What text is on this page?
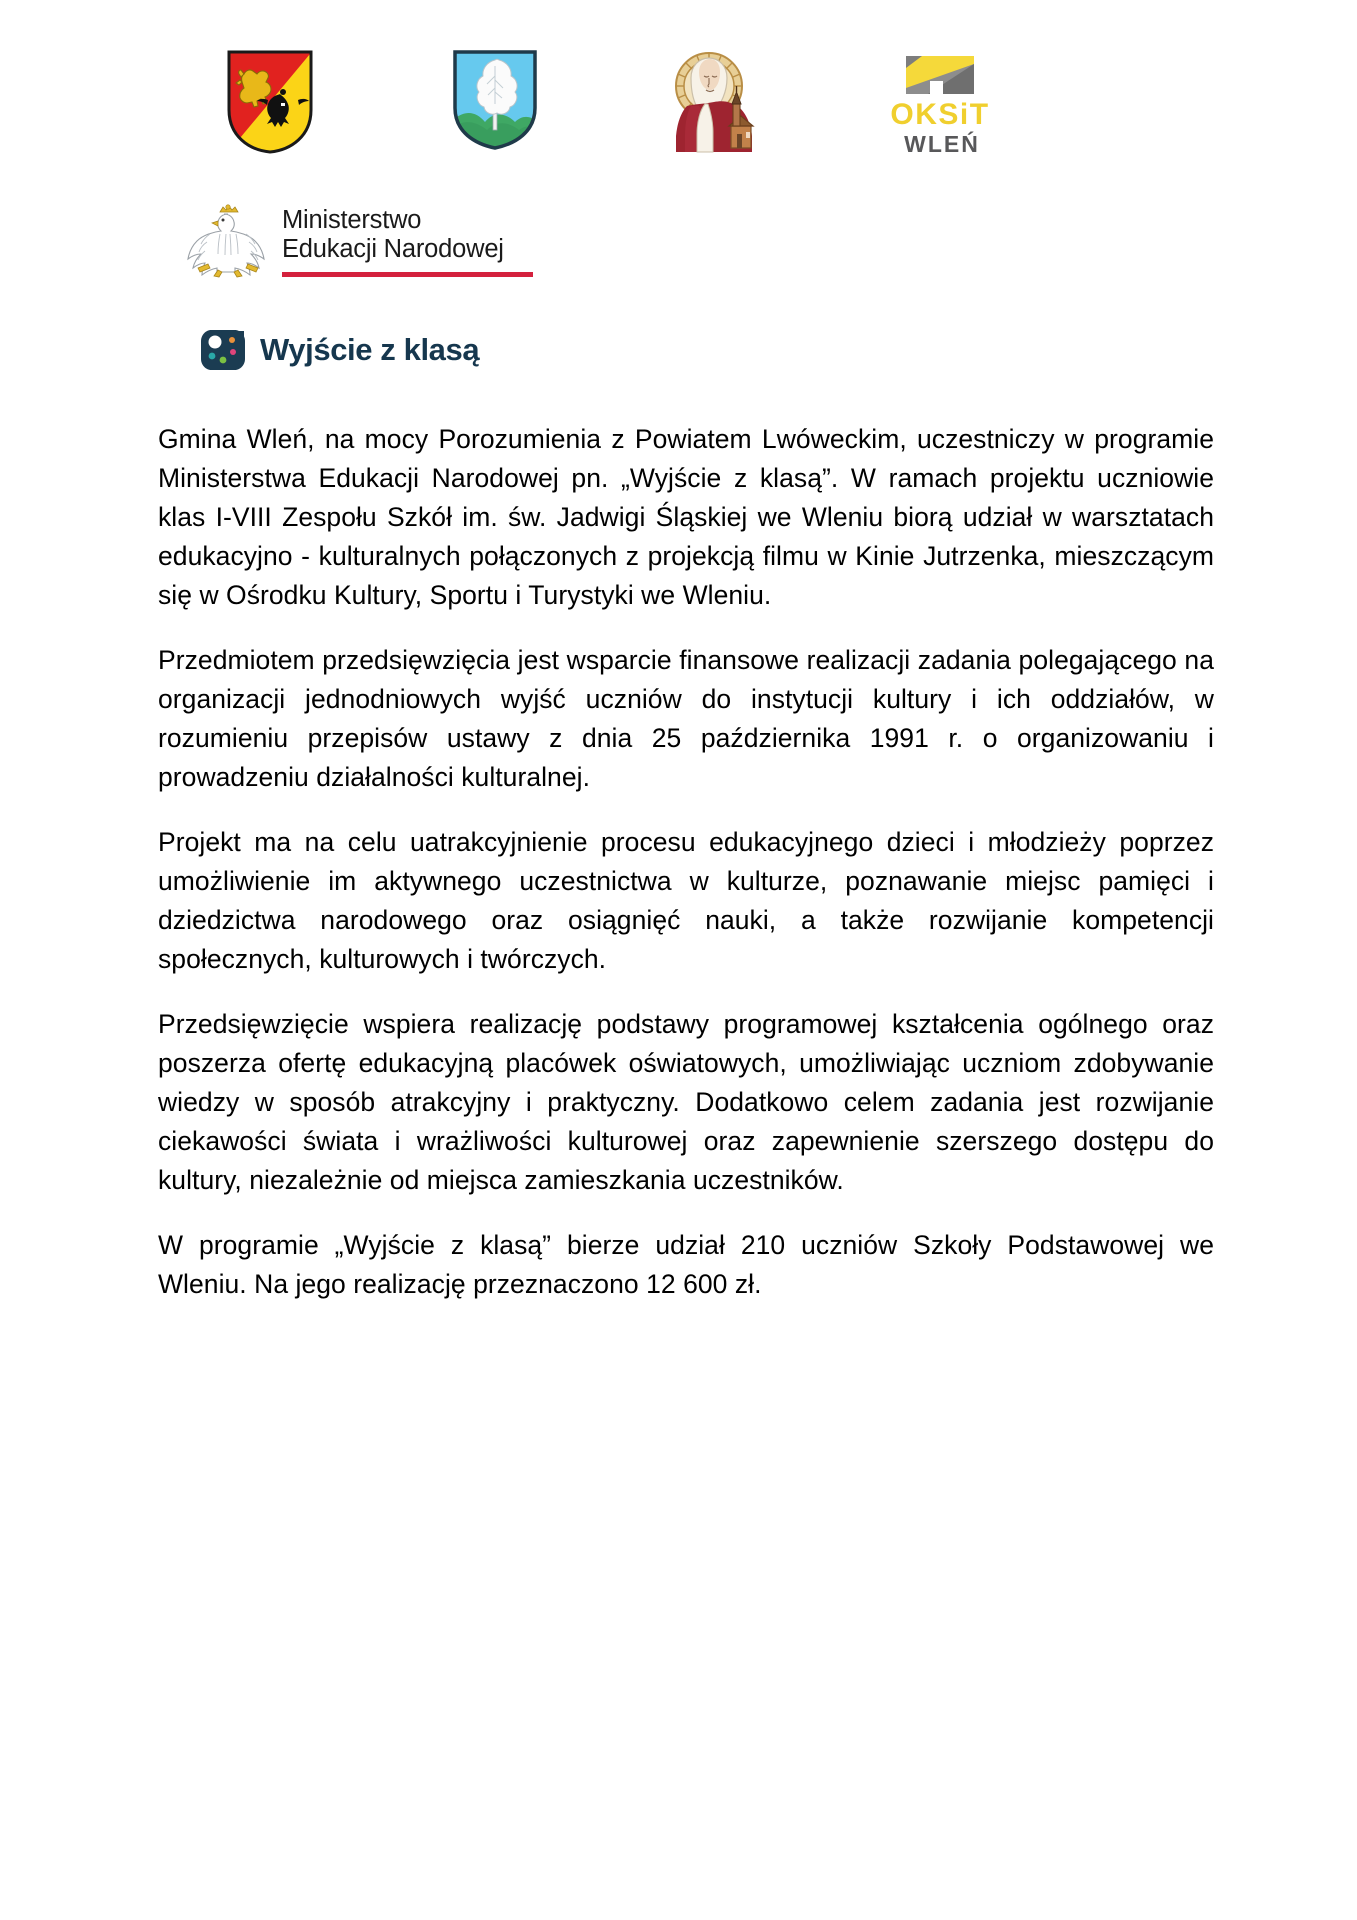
OKSiT
WLEŃ
Ministerstwo
Edukacji Narodowej
Wyjście z klasą

Gmina Wleń, na mocy Porozumienia z Powiatem Lwóweckim, uczestniczy w programie Ministerstwa Edukacji Narodowej pn. „Wyjście z klasą”. W ramach projektu uczniowie klas I-VIII Zespołu Szkół im. św. Jadwigi Śląskiej we Wleniu biorą udział w warsztatach edukacyjno - kulturalnych połączonych z projekcją filmu w Kinie Jutrzenka, mieszczącym się w Ośrodku Kultury, Sportu i Turystyki we Wleniu.

Przedmiotem przedsięwzięcia jest wsparcie finansowe realizacji zadania polegającego na organizacji jednodniowych wyjść uczniów do instytucji kultury i ich oddziałów, w rozumieniu przepisów ustawy z dnia 25 października 1991 r. o organizowaniu i prowadzeniu działalności kulturalnej.

Projekt ma na celu uatrakcyjnienie procesu edukacyjnego dzieci i młodzieży poprzez umożliwienie im aktywnego uczestnictwa w kulturze, poznawanie miejsc pamięci i dziedzictwa narodowego oraz osiągnięć nauki, a także rozwijanie kompetencji społecznych, kulturowych i twórczych.

Przedsięwzięcie wspiera realizację podstawy programowej kształcenia ogólnego oraz poszerza ofertę edukacyjną placówek oświatowych, umożliwiając uczniom zdobywanie wiedzy w sposób atrakcyjny i praktyczny. Dodatkowo celem zadania jest rozwijanie ciekawości świata i wrażliwości kulturowej oraz zapewnienie szerszego dostępu do kultury, niezależnie od miejsca zamieszkania uczestników.

W programie „Wyjście z klasą” bierze udział 210 uczniów Szkoły Podstawowej we Wleniu. Na jego realizację przeznaczono 12 600 zł.
